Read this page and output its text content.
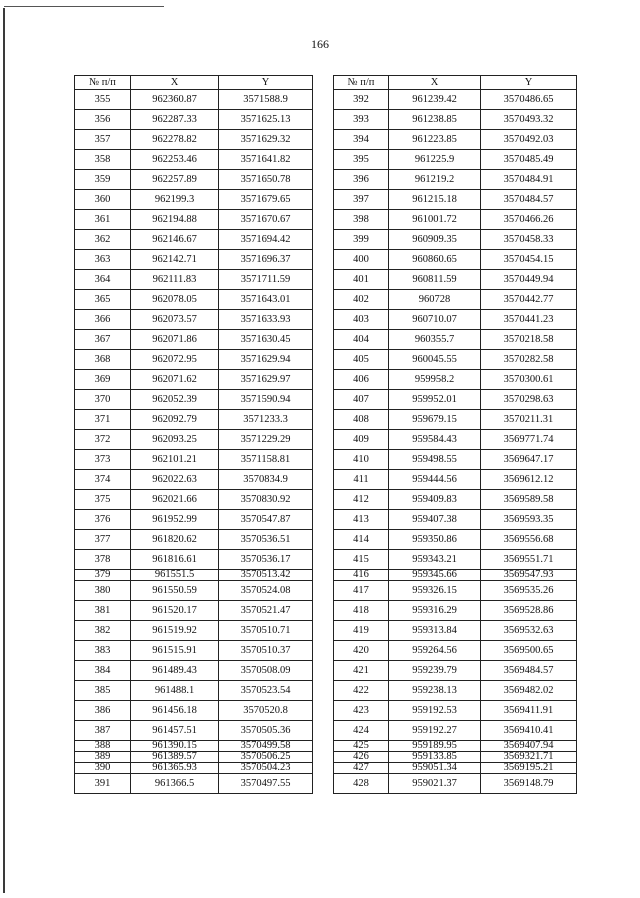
166
№ п/п	X	Y
355	962360.87	3571588.9
356	962287.33	3571625.13
357	962278.82	3571629.32
358	962253.46	3571641.82
359	962257.89	3571650.78
360	962199.3	3571679.65
361	962194.88	3571670.67
362	962146.67	3571694.42
363	962142.71	3571696.37
364	962111.83	3571711.59
365	962078.05	3571643.01
366	962073.57	3571633.93
367	962071.86	3571630.45
368	962072.95	3571629.94
369	962071.62	3571629.97
370	962052.39	3571590.94
371	962092.79	3571233.3
372	962093.25	3571229.29
373	962101.21	3571158.81
374	962022.63	3570834.9
375	962021.66	3570830.92
376	961952.99	3570547.87
377	961820.62	3570536.51
378	961816.61	3570536.17
379	961551.5	3570513.42
380	961550.59	3570524.08
381	961520.17	3570521.47
382	961519.92	3570510.71
383	961515.91	3570510.37
384	961489.43	3570508.09
385	961488.1	3570523.54
386	961456.18	3570520.8
387	961457.51	3570505.36
388	961390.15	3570499.58
389	961389.57	3570506.25
390	961365.93	3570504.23
391	961366.5	3570497.55
№ п/п	X	Y
392	961239.42	3570486.65
393	961238.85	3570493.32
394	961223.85	3570492.03
395	961225.9	3570485.49
396	961219.2	3570484.91
397	961215.18	3570484.57
398	961001.72	3570466.26
399	960909.35	3570458.33
400	960860.65	3570454.15
401	960811.59	3570449.94
402	960728	3570442.77
403	960710.07	3570441.23
404	960355.7	3570218.58
405	960045.55	3570282.58
406	959958.2	3570300.61
407	959952.01	3570298.63
408	959679.15	3570211.31
409	959584.43	3569771.74
410	959498.55	3569647.17
411	959444.56	3569612.12
412	959409.83	3569589.58
413	959407.38	3569593.35
414	959350.86	3569556.68
415	959343.21	3569551.71
416	959345.66	3569547.93
417	959326.15	3569535.26
418	959316.29	3569528.86
419	959313.84	3569532.63
420	959264.56	3569500.65
421	959239.79	3569484.57
422	959238.13	3569482.02
423	959192.53	3569411.91
424	959192.27	3569410.41
425	959189.95	3569407.94
426	959133.85	3569321.71
427	959051.34	3569195.21
428	959021.37	3569148.79
